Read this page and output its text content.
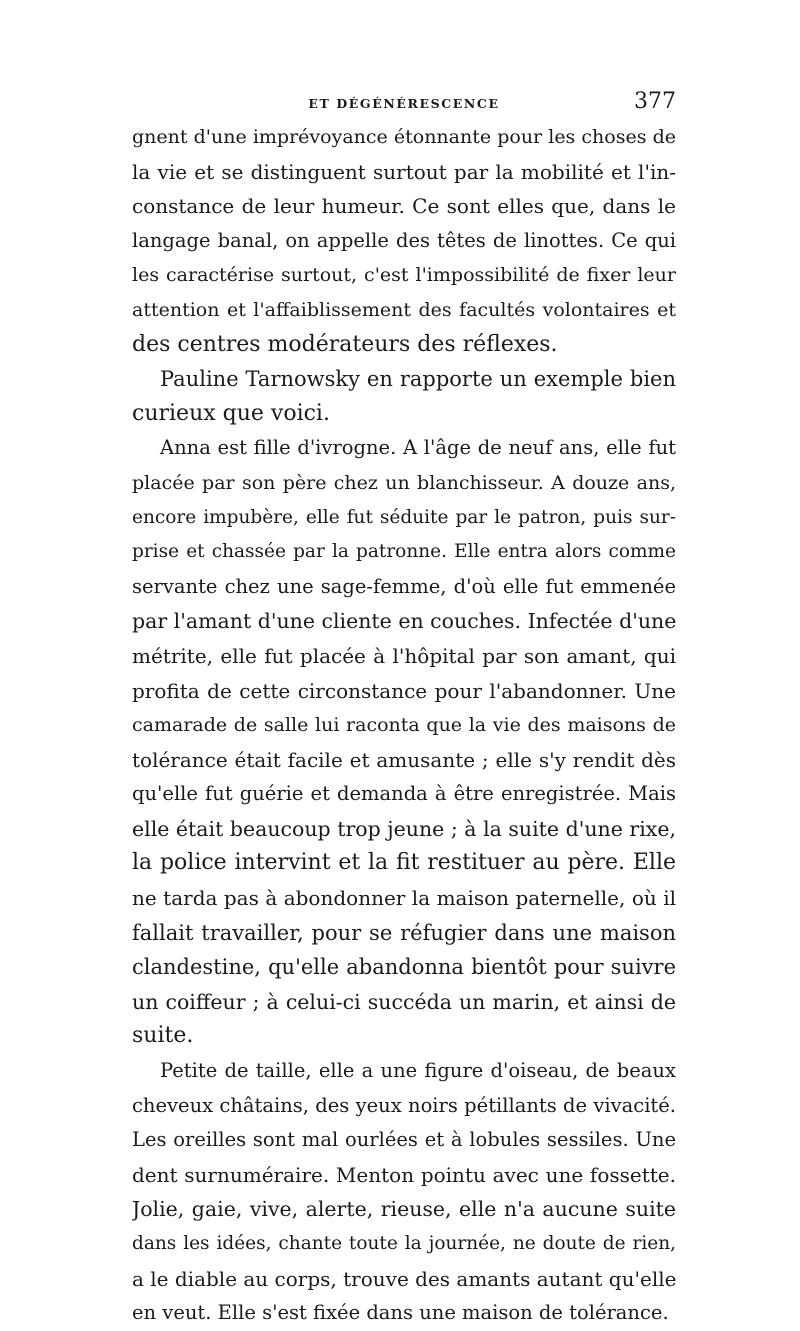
ET DÉGÉNÉRESCENCE	377

gnent d'une imprévoyance étonnante pour les choses de
la vie et se distinguent surtout par la mobilité et l'in-
constance de leur humeur. Ce sont elles que, dans le
langage banal, on appelle des têtes de linottes. Ce qui
les caractérise surtout, c'est l'impossibilité de fixer leur
attention et l'affaiblissement des facultés volontaires et
des centres modérateurs des réflexes.

Pauline Tarnowsky en rapporte un exemple bien
curieux que voici.

Anna est fille d'ivrogne. A l'âge de neuf ans, elle fut
placée par son père chez un blanchisseur. A douze ans,
encore impubère, elle fut séduite par le patron, puis sur-
prise et chassée par la patronne. Elle entra alors comme
servante chez une sage-femme, d'où elle fut emmenée
par l'amant d'une cliente en couches. Infectée d'une
métrite, elle fut placée à l'hôpital par son amant, qui
profita de cette circonstance pour l'abandonner. Une
camarade de salle lui raconta que la vie des maisons de
tolérance était facile et amusante ; elle s'y rendit dès
qu'elle fut guérie et demanda à être enregistrée. Mais
elle était beaucoup trop jeune ; à la suite d'une rixe,
la police intervint et la fit restituer au père. Elle
ne tarda pas à abondonner la maison paternelle, où il
fallait travailler, pour se réfugier dans une maison
clandestine, qu'elle abandonna bientôt pour suivre
un coiffeur ; à celui-ci succéda un marin, et ainsi de
suite.

Petite de taille, elle a une figure d'oiseau, de beaux
cheveux châtains, des yeux noirs pétillants de vivacité.
Les oreilles sont mal ourlées et à lobules sessiles. Une
dent surnuméraire. Menton pointu avec une fossette.
Jolie, gaie, vive, alerte, rieuse, elle n'a aucune suite
dans les idées, chante toute la journée, ne doute de rien,
a le diable au corps, trouve des amants autant qu'elle
en veut. Elle s'est fixée dans une maison de tolérance.
